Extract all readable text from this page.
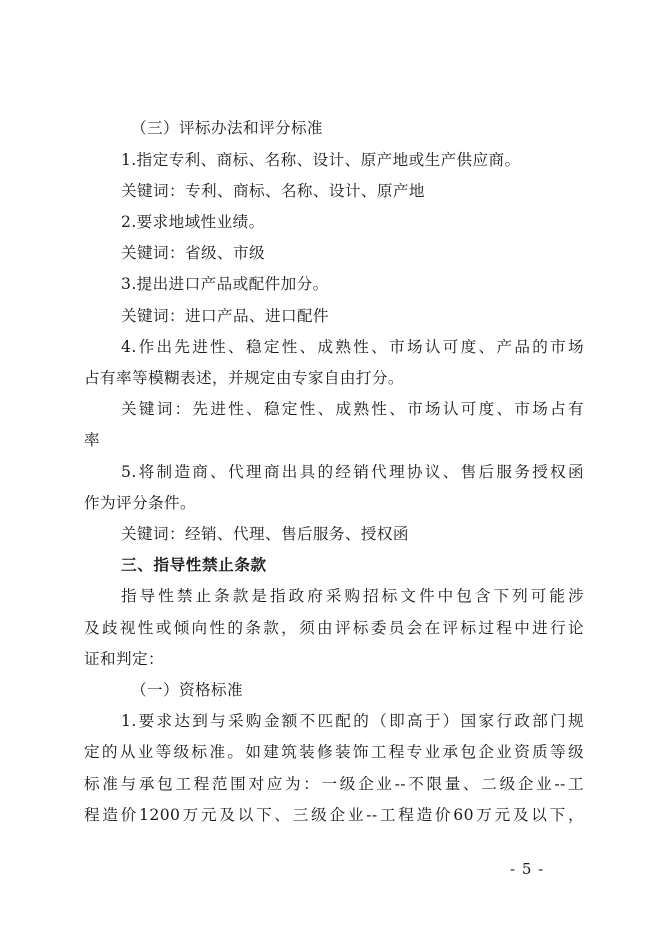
（三）评标办法和评分标准
1.指定专利、商标、名称、设计、原产地或生产供应商。
关键词：专利、商标、名称、设计、原产地
2.要求地域性业绩。
关键词：省级、市级
3.提出进口产品或配件加分。
关键词：进口产品、进口配件
4.作出先进性、稳定性、成熟性、市场认可度、产品的市场
占有率等模糊表述，并规定由专家自由打分。
关键词：先进性、稳定性、成熟性、市场认可度、市场占有
率
5.将制造商、代理商出具的经销代理协议、售后服务授权函
作为评分条件。
关键词：经销、代理、售后服务、授权函
三、指导性禁止条款
指导性禁止条款是指政府采购招标文件中包含下列可能涉
及歧视性或倾向性的条款，须由评标委员会在评标过程中进行论
证和判定：
（一）资格标准
1.要求达到与采购金额不匹配的（即高于）国家行政部门规
定的从业等级标准。如建筑装修装饰工程专业承包企业资质等级
标准与承包工程范围对应为：一级企业--不限量、二级企业--工
程造价1200万元及以下、三级企业--工程造价60万元及以下，
- 5 -
